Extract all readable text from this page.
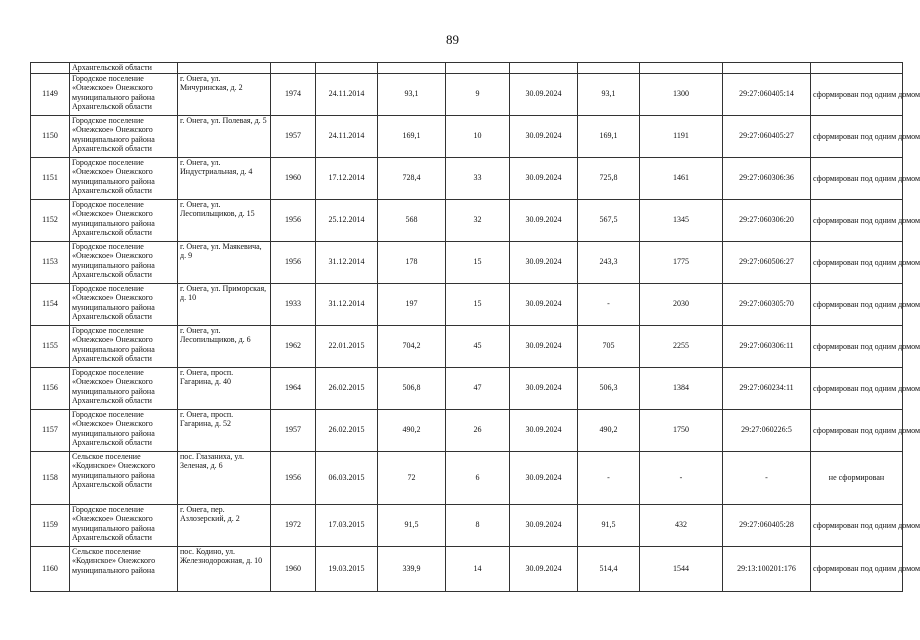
89
	Архангельской области										
1149	Городское поселение «Онежское» Онежского муниципального района Архангельской области	г. Онега, ул. Мичуринская, д. 2	1974	24.11.2014	93,1	9	30.09.2024	93,1	1300	29:27:060405:14	сформирован под одним домом
1150	Городское поселение «Онежское» Онежского муниципального района Архангельской области	г. Онега, ул. Полевая, д. 5	1957	24.11.2014	169,1	10	30.09.2024	169,1	1191	29:27:060405:27	сформирован под одним домом
1151	Городское поселение «Онежское» Онежского муниципального района Архангельской области	г. Онега, ул. Индустриальная, д. 4	1960	17.12.2014	728,4	33	30.09.2024	725,8	1461	29:27:060306:36	сформирован под одним домом
1152	Городское поселение «Онежское» Онежского муниципального района Архангельской области	г. Онега, ул. Лесопильщиков, д. 15	1956	25.12.2014	568	32	30.09.2024	567,5	1345	29:27:060306:20	сформирован под одним домом
1153	Городское поселение «Онежское» Онежского муниципального района Архангельской области	г. Онега, ул. Маякевича, д. 9	1956	31.12.2014	178	15	30.09.2024	243,3	1775	29:27:060506:27	сформирован под одним домом
1154	Городское поселение «Онежское» Онежского муниципального района Архангельской области	г. Онега, ул. Приморская, д. 10	1933	31.12.2014	197	15	30.09.2024	-	2030	29:27:060305:70	сформирован под одним домом
1155	Городское поселение «Онежское» Онежского муниципального района Архангельской области	г. Онега, ул. Лесопильщиков, д. 6	1962	22.01.2015	704,2	45	30.09.2024	705	2255	29:27:060306:11	сформирован под одним домом
1156	Городское поселение «Онежское» Онежского муниципального района Архангельской области	г. Онега, просп. Гагарина, д. 40	1964	26.02.2015	506,8	47	30.09.2024	506,3	1384	29:27:060234:11	сформирован под одним домом
1157	Городское поселение «Онежское» Онежского муниципального района Архангельской области	г. Онега, просп. Гагарина, д. 52	1957	26.02.2015	490,2	26	30.09.2024	490,2	1750	29:27:060226:5	сформирован под одним домом
1158	Сельское поселение «Кодинское» Онежского муниципального района Архангельской области	пос. Глазаниха, ул. Зеленая, д. 6	1956	06.03.2015	72	6	30.09.2024	-	-	-	не сформирован
1159	Городское поселение «Онежское» Онежского муниципального района Архангельской области	г. Онега, пер. Азлозерский, д. 2	1972	17.03.2015	91,5	8	30.09.2024	91,5	432	29:27:060405:28	сформирован под одним домом
1160	Сельское поселение «Кодинское» Онежского муниципального района	пос. Кодино, ул. Железнодорожная, д. 10	1960	19.03.2015	339,9	14	30.09.2024	514,4	1544	29:13:100201:176	сформирован под одним домом
